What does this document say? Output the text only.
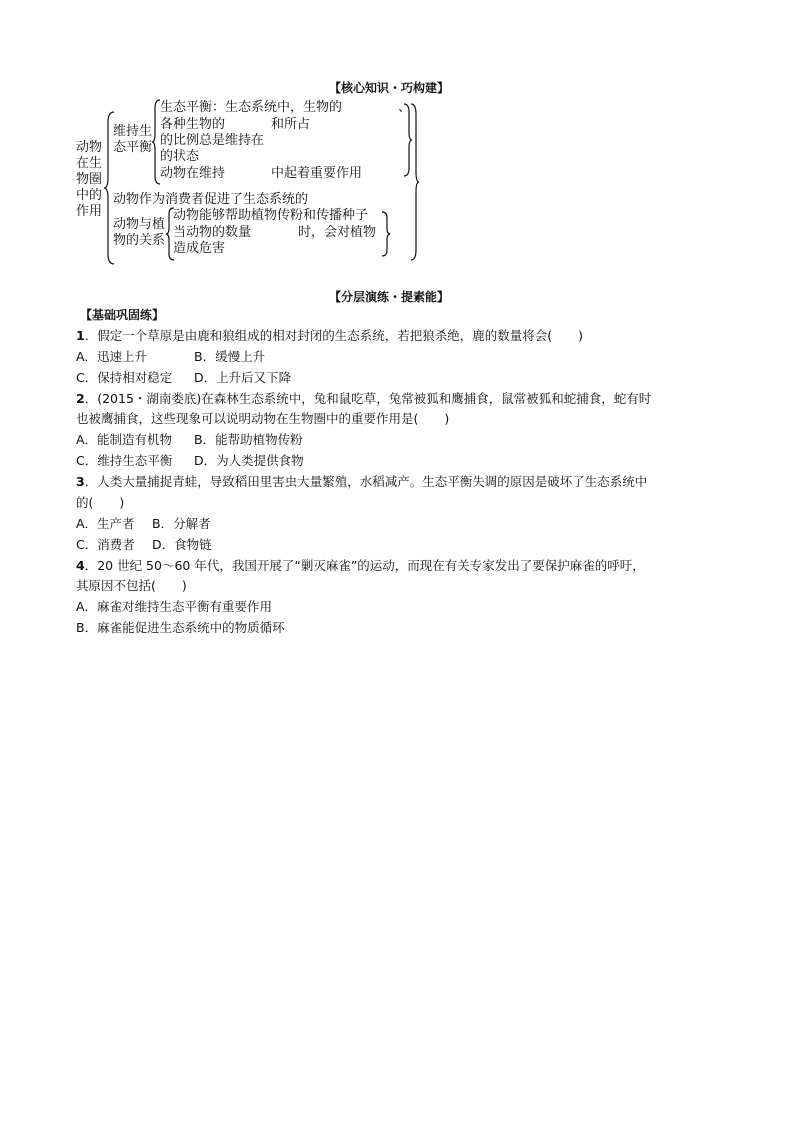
【核心知识・巧构建】
动物
在生
物圈
中的
作用
维持生
态平衡
生态平衡：生态系统中，生物的	、
各种生物的	和所占
的比例总是维持在
的状态
动物在维持	中起着重要作用
动物作为消费者促进了生态系统的
动物与植
物的关系
动物能够帮助植物传粉和传播种子
当动物的数量	时，会对植物
造成危害
【分层演练・提素能】
【基础巩固练】
1．假定一个草原是由鹿和狼组成的相对封闭的生态系统，若把狼杀绝，鹿的数量将会( )
A．迅速上升	B．缓慢上升
C．保持相对稳定 D．上升后又下降
2．(2015・湖南娄底)在森林生态系统中，兔和鼠吃草，兔常被狐和鹰捕食，鼠常被狐和蛇捕食，蛇有时
也被鹰捕食，这些现象可以说明动物在生物圈中的重要作用是( )
A．能制造有机物 B．能帮助植物传粉
C．维持生态平衡 D．为人类提供食物
3．人类大量捕捉青蛙，导致稻田里害虫大量繁殖，水稻减产。生态平衡失调的原因是破坏了生态系统中
的( )
A．生产者 B．分解者
C．消费者 D．食物链
4．20 世纪 50～60 年代，我国开展了“剿灭麻雀”的运动，而现在有关专家发出了要保护麻雀的呼吁，
其原因不包括( )
A．麻雀对维持生态平衡有重要作用
B．麻雀能促进生态系统中的物质循环
